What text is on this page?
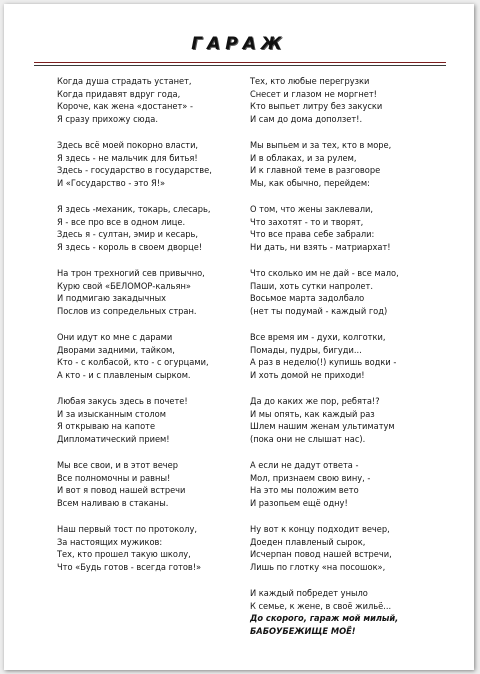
ГАРАЖ
Когда душа страдать устанет,
Когда придавят вдруг года,
Короче, как жена «достанет» -
Я сразу прихожу сюда.
Здесь всё моей покорно власти,
Я здесь - не мальчик для битья!
Здесь - государство в государстве,
И «Государство - это Я!»
Я здесь -механик, токарь, слесарь,
Я - все про все в одном лице.
Здесь я - султан, эмир и кесарь,
Я здесь - король в своем дворце!
На трон трехногий сев привычно,
Курю свой «БЕЛОМОР-кальян»
И подмигаю закадычных
Послов из сопредельных стран.
Они идут ко мне с дарами
Дворами задними, тайком,
Кто - с колбасой, кто - с огурцами,
А кто - и с плавленым сырком.
Любая закусь здесь в почете!
И за изысканным столом
Я открываю на капоте
Дипломатический прием!
Мы все свои, и в этот вечер
Все полномочны и равны!
И вот я повод нашей встречи
Всем наливаю в стаканы.
Наш первый тост по протоколу,
За настоящих мужиков:
Тех, кто прошел такую школу,
Что «Будь готов - всегда готов!»
Тех, кто любые перегрузки
Снесет и глазом не моргнет!
Кто выпьет литру без закуски
И сам до дома доползет!.
Мы выпьем и за тех, кто в море,
И в облаках, и за рулем,
И к главной теме в разговоре
Мы, как обычно, перейдем:
О том, что жены заклевали,
Что захотят - то и творят,
Что все права себе забрали:
Ни дать, ни взять - матриархат!
Что сколько им не дай - все мало,
Паши, хоть сутки напролет.
Восьмое марта задолбало
(нет ты подумай - каждый год)
Все время им - духи, колготки,
Помады, пудры, бигуди...
А раз в неделю(!) купишь водки -
И хоть домой не приходи!
Да до каких же пор, ребята!?
И мы опять, как каждый раз
Шлем нашим женам ультиматум
(пока они не слышат нас).
А если не дадут ответа -
Мол, признаем свою вину, -
На это мы положим вето
И разопьем ещё одну!
Ну вот к концу подходит вечер,
Доеден плавленый сырок,
Исчерпан повод нашей встречи,
Лишь по глотку «на посошок»,
И каждый побредет уныло
К семье, к жене, в своё жильё...
До скорого, гараж мой милый,
БАБОУБЕЖИЩЕ МОЁ!
